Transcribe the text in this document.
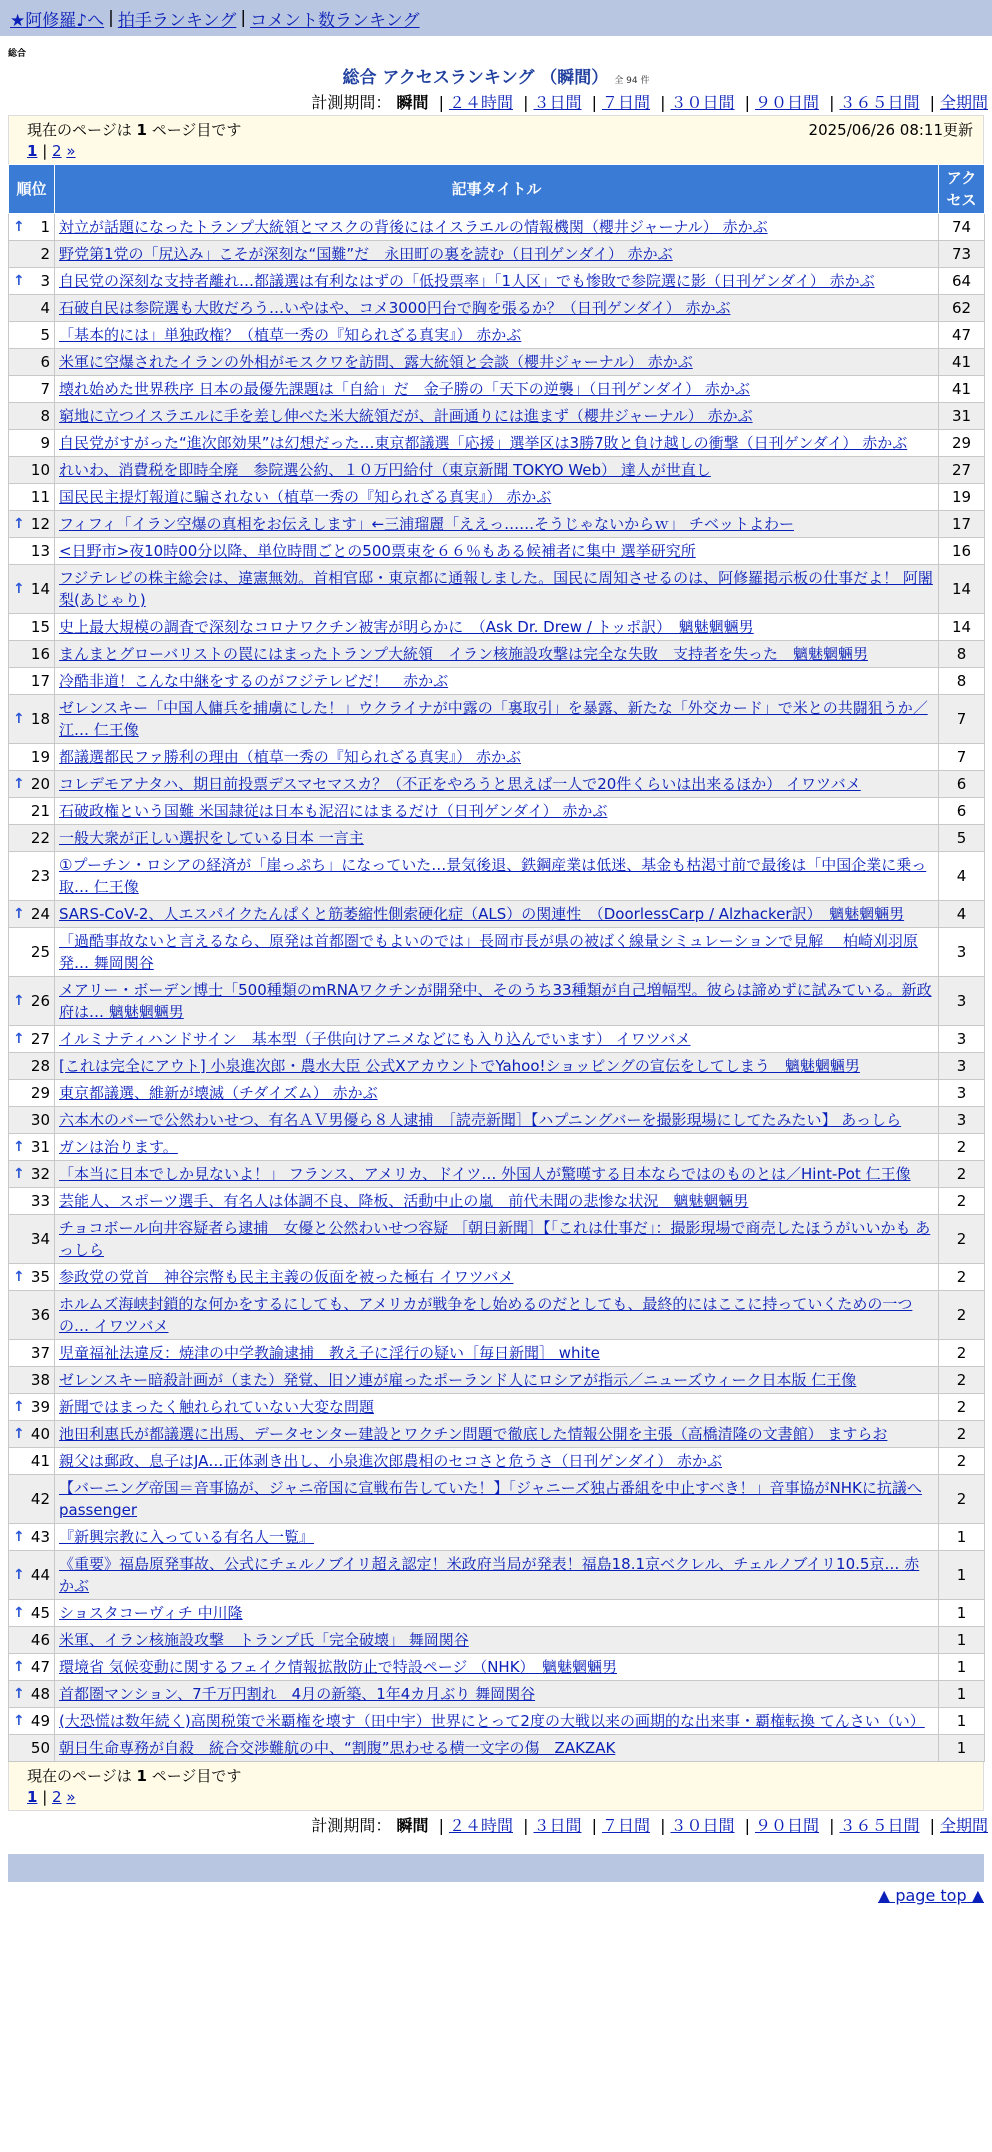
★阿修羅♪へ | 拍手ランキング | コメント数ランキング
総合
総合 アクセスランキング （瞬間） 全 94 件
計測期間： 瞬間 | ２４時間 | ３日間 | ７日間 | ３０日間 | ９０日間 | ３６５日間 | 全期間
現在のページは 1 ページ目です	2025/06/26 08:11更新
1 | 2 »
順位	記事タイトル	アクセス

↑ 1	対立が話題になったトランプ大統領とマスクの背後にはイスラエルの情報機関（櫻井ジャーナル） 赤かぶ	74
2	野党第1党の「尻込み」こそが深刻な“国難”だ　永田町の裏を読む（日刊ゲンダイ） 赤かぶ	73

↑ 3	自民党の深刻な支持者離れ…都議選は有利なはずの「低投票率」「1人区」でも惨敗で参院選に影（日刊ゲンダイ） 赤かぶ	64
4	石破自民は参院選も大敗だろう…いやはや、コメ3000円台で胸を張るか？（日刊ゲンダイ） 赤かぶ	62
5	「基本的には」単独政権？（植草一秀の『知られざる真実』） 赤かぶ	47
6	米軍に空爆されたイランの外相がモスクワを訪問、露大統領と会談（櫻井ジャーナル） 赤かぶ	41
7	壊れ始めた世界秩序 日本の最優先課題は「自給」だ　金子勝の「天下の逆襲」（日刊ゲンダイ） 赤かぶ	41
8	窮地に立つイスラエルに手を差し伸べた米大統領だが、計画通りには進まず（櫻井ジャーナル） 赤かぶ	31
9	自民党がすがった“進次郎効果”は幻想だった…東京都議選「応援」選挙区は3勝7敗と負け越しの衝撃（日刊ゲンダイ） 赤かぶ	29
10	れいわ、消費税を即時全廃　参院選公約、１０万円給付（東京新聞 TOKYO Web） 達人が世直し	27
11	国民民主提灯報道に騙されない（植草一秀の『知られざる真実』） 赤かぶ	19

↑ 12	フィフィ「イラン空爆の真相をお伝えします」←三浦瑠麗「ええっ……そうじゃないからｗ」 チベットよわー	17
13	<日野市>夜10時00分以降、単位時間ごとの500票束を６６％もある候補者に集中 選挙研究所	16

↑ 14	フジテレビの株主総会は、違憲無効。首相官邸・東京都に通報しました。国民に周知させるのは、阿修羅掲示板の仕事だよ！ 阿闍梨(あじゃり)	14
15	史上最大規模の調査で深刻なコロナワクチン被害が明らかに　（Ask Dr. Drew / トッポ訳）　魑魅魍魎男	14
16	まんまとグローバリストの罠にはまったトランプ大統領　イラン核施設攻撃は完全な失敗　支持者を失った　魑魅魍魎男	8
17	冷酷非道！こんな中継をするのがフジテレビだ！　赤かぶ	8

↑ 18	ゼレンスキー「中国人傭兵を捕虜にした！」ウクライナが中露の「裏取引」を暴露、新たな「外交カード」で米との共闘狙うか／江… 仁王像	7
19	都議選都民ファ勝利の理由（植草一秀の『知られざる真実』） 赤かぶ	7

↑ 20	コレデモアナタハ、期日前投票デスマセマスカ？（不正をやろうと思えば一人で20件くらいは出来るほか） イワツバメ	6
21	石破政権という国難 米国隷従は日本も泥沼にはまるだけ（日刊ゲンダイ） 赤かぶ	6
22	一般大衆が正しい選択をしている日本 一言主	5
23	①プーチン・ロシアの経済が「崖っぷち」になっていた…景気後退、鉄鋼産業は低迷、基金も枯渇寸前で最後は「中国企業に乗っ取… 仁王像	4

↑ 24	SARS-CoV-2、人エスパイクたんぱくと筋萎縮性側索硬化症（ALS）の関連性　（DoorlessCarp / Alzhacker訳）　魑魅魍魎男	4
25	「過酷事故ないと言えるなら、原発は首都圏でもよいのでは」長岡市長が県の被ばく線量シミュレーションで見解　 柏崎刈羽原発… 舞岡関谷	3

↑ 26	メアリー・ボーデン博士「500種類のmRNAワクチンが開発中、そのうち33種類が自己増幅型。彼らは諦めずに試みている。新政府は… 魑魅魍魎男	3

↑ 27	イルミナティハンドサイン　基本型（子供向けアニメなどにも入り込んでいます） イワツバメ	3
28	[これは完全にアウト] 小泉進次郎・農水大臣 公式XアカウントでYahoo!ショッピングの宣伝をしてしまう　魑魅魍魎男	3
29	東京都議選、維新が壊滅（チダイズム） 赤かぶ	3
30	六本木のバーで公然わいせつ、有名ＡＶ男優ら８人逮捕　［読売新聞］【ハプニングバーを撮影現場にしてたみたい】 あっしら	3

↑ 31	ガンは治ります。	2

↑ 32	「本当に日本でしか見ないよ！」 フランス、アメリカ、ドイツ… 外国人が驚嘆する日本ならではのものとは／Hint-Pot 仁王像	2
33	芸能人、スポーツ選手、有名人は体調不良、降板、活動中止の嵐　前代未聞の悲惨な状況　魑魅魍魎男	2
34	チョコボール向井容疑者ら逮捕　女優と公然わいせつ容疑 ［朝日新聞］【「これは仕事だ」：撮影現場で商売したほうがいいかも あっしら	2

↑ 35	参政党の党首　神谷宗幣も民主主義の仮面を被った極右 イワツバメ	2
36	ホルムズ海峡封鎖的な何かをするにしても、アメリカが戦争をし始めるのだとしても、最終的にはここに持っていくための一つの… イワツバメ	2
37	児童福祉法違反：焼津の中学教諭逮捕　教え子に淫行の疑い［毎日新聞］ white	2
38	ゼレンスキー暗殺計画が（また）発覚、旧ソ連が雇ったポーランド人にロシアが指示／ニューズウィーク日本版 仁王像	2

↑ 39	新聞ではまったく触れられていない大変な問題	2

↑ 40	池田利惠氏が都議選に出馬、データセンター建設とワクチン問題で徹底した情報公開を主張（高橋清隆の文書館） ますらお	2
41	親父は郵政、息子はJA…正体剥き出し、小泉進次郎農相のセコさと危うさ（日刊ゲンダイ） 赤かぶ	2
42	【バーニング帝国＝音事協が、ジャニ帝国に宣戦布告していた！】「ジャニーズ独占番組を中止すべき！」音事協がNHKに抗議へ passenger	2

↑ 43	『新興宗教に入っている有名人一覧』	1

↑ 44	《重要》福島原発事故、公式にチェルノブイリ超え認定！米政府当局が発表！福島18.1京ベクレル、チェルノブイリ10.5京… 赤かぶ	1

↑ 45	ショスタコーヴィチ 中川隆	1
46	米軍、イラン核施設攻撃　トランプ氏「完全破壊」 舞岡関谷	1

↑ 47	環境省 気候変動に関するフェイク情報拡散防止で特設ページ （NHK）　魑魅魍魎男	1

↑ 48	首都圏マンション、7千万円割れ　4月の新築、1年4カ月ぶり 舞岡関谷	1

↑ 49	(大恐慌は数年続く)高関税策で米覇権を壊す（田中宇）世界にとって2度の大戦以来の画期的な出来事・覇権転換 てんさい（い）	1
50	朝日生命専務が自殺　統合交渉難航の中、“割腹”思わせる横一文字の傷　ZAKZAK	1
現在のページは 1 ページ目です
1 | 2 »
計測期間： 瞬間 | ２４時間 | ３日間 | ７日間 | ３０日間 | ９０日間 | ３６５日間 | 全期間
▲ page top ▲
